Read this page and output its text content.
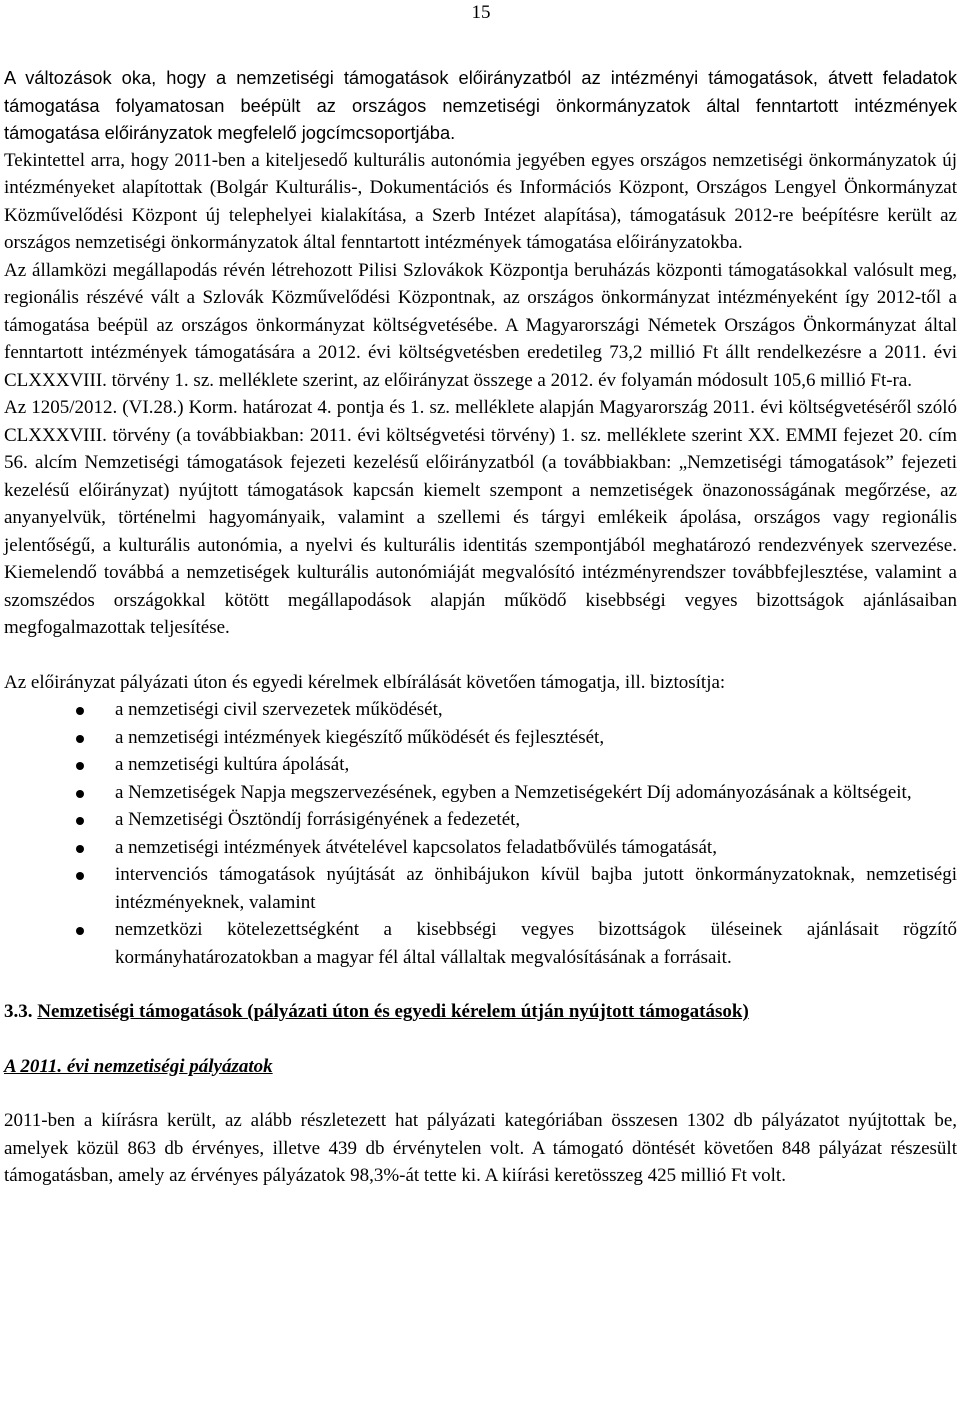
15

A változások oka, hogy a nemzetiségi támogatások előirányzatból az intézményi támogatások, átvett feladatok támogatása folyamatosan beépült az országos nemzetiségi önkormányzatok által fenntartott intézmények támogatása előirányzatok megfelelő jogcímcsoportjába.

Tekintettel arra, hogy 2011-ben a kiteljesedő kulturális autonómia jegyében egyes országos nemzetiségi önkormányzatok új intézményeket alapítottak (Bolgár Kulturális-, Dokumentációs és Információs Központ, Országos Lengyel Önkormányzat Közművelődési Központ új telephelyei kialakítása, a Szerb Intézet alapítása), támogatásuk 2012-re beépítésre került az országos nemzetiségi önkormányzatok által fenntartott intézmények támogatása előirányzatokba.

Az államközi megállapodás révén létrehozott Pilisi Szlovákok Központja beruházás központi támogatásokkal valósult meg, regionális részévé vált a Szlovák Közművelődési Központnak, az országos önkormányzat intézményeként így 2012-től a támogatása beépül az országos önkormányzat költségvetésébe. A Magyarországi Németek Országos Önkormányzat által fenntartott intézmények támogatására a 2012. évi költségvetésben eredetileg 73,2 millió Ft állt rendelkezésre a 2011. évi CLXXXVIII. törvény 1. sz. melléklete szerint, az előirányzat összege a 2012. év folyamán módosult 105,6 millió Ft-ra.

Az 1205/2012. (VI.28.) Korm. határozat 4. pontja és 1. sz. melléklete alapján Magyarország 2011. évi költségvetéséről szóló CLXXXVIII. törvény (a továbbiakban: 2011. évi költségvetési törvény) 1. sz. melléklete szerint XX. EMMI fejezet 20. cím 56. alcím Nemzetiségi támogatások fejezeti kezelésű előirányzatból (a továbbiakban: „Nemzetiségi támogatások” fejezeti kezelésű előirányzat) nyújtott támogatások kapcsán kiemelt szempont a nemzetiségek önazonosságának megőrzése, az anyanyelvük, történelmi hagyományaik, valamint a szellemi és tárgyi emlékeik ápolása, országos vagy regionális jelentőségű, a kulturális autonómia, a nyelvi és kulturális identitás szempontjából meghatározó rendezvények szervezése. Kiemelendő továbbá a nemzetiségek kulturális autonómiáját megvalósító intézményrendszer továbbfejlesztése, valamint a szomszédos országokkal kötött megállapodások alapján működő kisebbségi vegyes bizottságok ajánlásaiban megfogalmazottak teljesítése.

Az előirányzat pályázati úton és egyedi kérelmek elbírálását követően támogatja, ill. biztosítja:

a nemzetiségi civil szervezetek működését,

a nemzetiségi intézmények kiegészítő működését és fejlesztését,

a nemzetiségi kultúra ápolását,

a Nemzetiségek Napja megszervezésének, egyben a Nemzetiségekért Díj adományozásának a költségeit,

a Nemzetiségi Ösztöndíj forrásigényének a fedezetét,

a nemzetiségi intézmények átvételével kapcsolatos feladatbővülés támogatását,

intervenciós támogatások nyújtását az önhibájukon kívül bajba jutott önkormányzatoknak, nemzetiségi intézményeknek, valamint

nemzetközi kötelezettségként a kisebbségi vegyes bizottságok üléseinek ajánlásait rögzítő kormányhatározatokban a magyar fél által vállaltak megvalósításának a forrásait.

3.3. Nemzetiségi támogatások (pályázati úton és egyedi kérelem útján nyújtott támogatások)

A 2011. évi nemzetiségi pályázatok

2011-ben a kiírásra került, az alább részletezett hat pályázati kategóriában összesen 1302 db pályázatot nyújtottak be, amelyek közül 863 db érvényes, illetve 439 db érvénytelen volt. A támogató döntését követően 848 pályázat részesült támogatásban, amely az érvényes pályázatok 98,3%-át tette ki. A kiírási keretösszeg 425 millió Ft volt.
